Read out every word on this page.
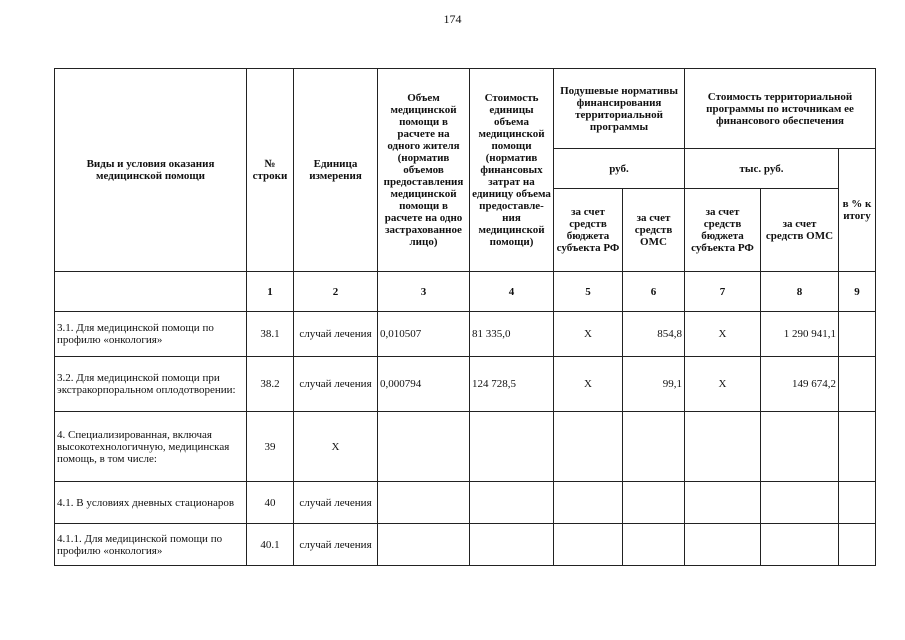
174
Виды и условия оказания медицинской помощи	№ строки	Единица измерения	Объем медицинской помощи в расчете на одного жителя (норматив объемов предоставления медицинской помощи в расчете на одно застрахованное лицо)	Стоимость единицы объема медицинской помощи (норматив финансовых затрат на единицу объема предоставле-ния медицинской помощи)	Подушевые нормативы финансирования территориальной программы		Стоимость территориальной программы по источникам ее финансового обеспечения		
					руб.		тыс. руб.		в % к итогу
					за счет средств бюджета субъекта РФ	за счет средств ОМС	за счет средств бюджета субъекта РФ	за счет средств ОМС	
	1	2	3	4	5	6	7	8	9
3.1. Для медицинской помощи по профилю «онкология»	38.1	случай лечения	0,010507	81 335,0	Х	854,8	Х	1 290 941,1	
3.2. Для медицинской помощи при экстракорпоральном оплодотворении:	38.2	случай лечения	0,000794	124 728,5	Х	99,1	Х	149 674,2	
4. Специализированная, включая высокотехнологичную, медицинская помощь, в том числе:	39	Х							
4.1. В условиях дневных стационаров	40	случай лечения							
4.1.1. Для медицинской помощи по профилю «онкология»	40.1	случай лечения							
